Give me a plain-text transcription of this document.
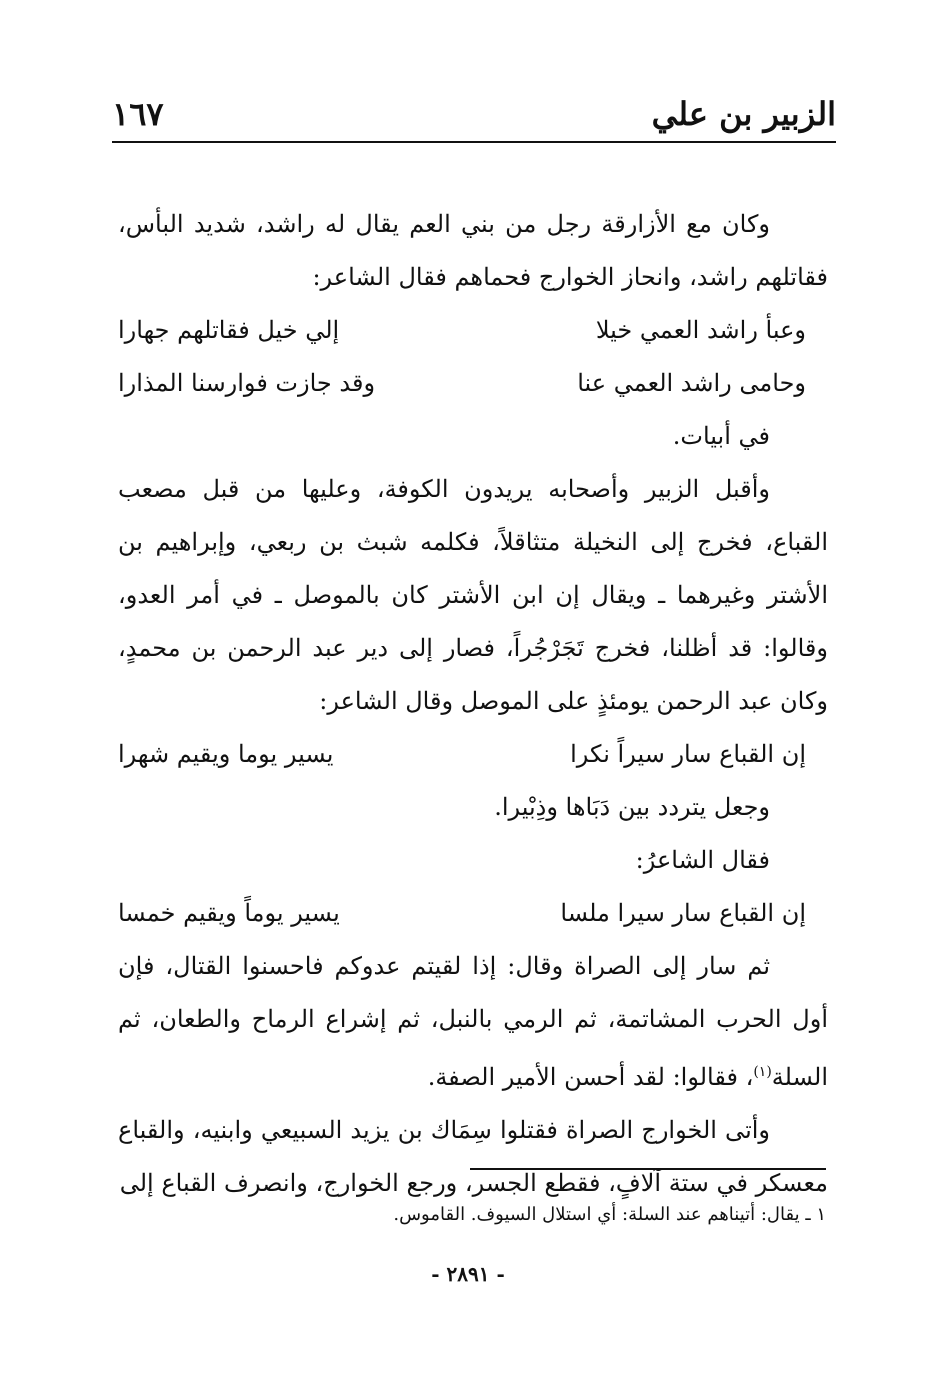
الزبير بن علي
١٦٧

وكان مع الأزارقة رجل من بني العم يقال له راشد، شديد البأس، فقاتلهم راشد، وانحاز الخوارج فحماهم فقال الشاعر:

وعبأ راشد العمي خيلا
إلي خيل فقاتلهم جهارا
وحامى راشد العمي عنا
وقد جازت فوارسنا المذارا

في أبيات.

وأقبل الزبير وأصحابه يريدون الكوفة، وعليها من قبل مصعب القباع، فخرج إلى النخيلة متثاقلاً، فكلمه شبث بن ربعي، وإبراهيم بن الأشتر وغيرهما ـ ويقال إن ابن الأشتر كان بالموصل ـ في أمر العدو، وقالوا: قد أظلنا، فخرج تَجَرْجُراً، فصار إلى دير عبد الرحمن بن محمدٍ، وكان عبد الرحمن يومئذٍ على الموصل وقال الشاعر:

إن القباع سار سيراً نكرا
يسير يوما ويقيم شهرا

وجعل يتردد بين دَبَاها وذِبْيرا.

فقال الشاعرُ:

إن القباع سار سيرا ملسا
يسير يوماً ويقيم خمسا

ثم سار إلى الصراة وقال: إذا لقيتم عدوكم فاحسنوا القتال، فإن أول الحرب المشاتمة، ثم الرمي بالنبل، ثم إشراع الرماح والطعان، ثم السلة$^{(١)}$، فقالوا: لقد أحسن الأمير الصفة.

وأتى الخوارج الصراة فقتلوا سِمَاك بن يزيد السبيعي وابنيه، والقباع معسكر في ستة آلافٍ، فقطع الجسر، ورجع الخوارج، وانصرف القباع إلى

١ ـ يقال: أتيناهم عند السلة: أي استلال السيوف. القاموس.
- ٢٨٩١ -
